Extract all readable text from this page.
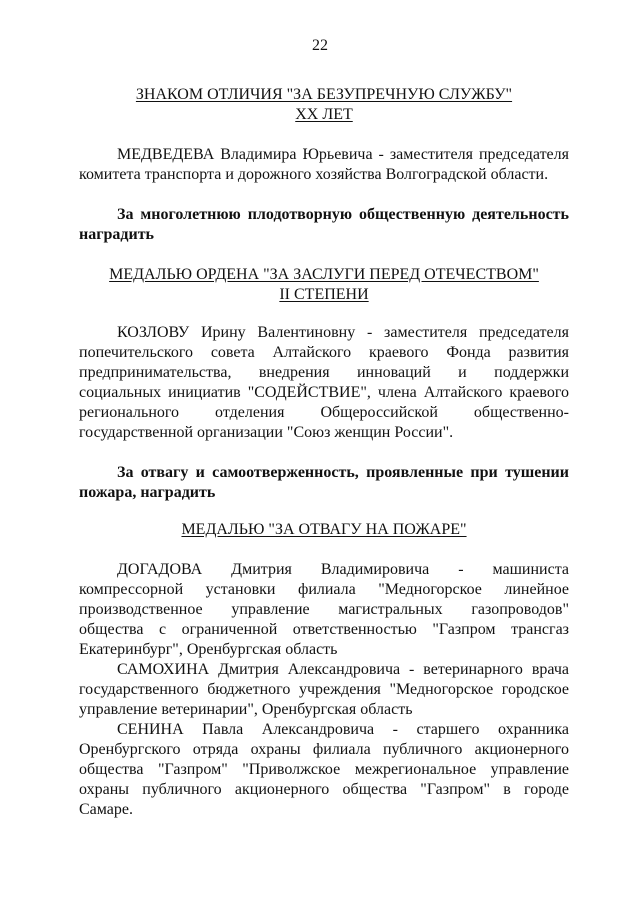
22
ЗНАКОМ ОТЛИЧИЯ "ЗА БЕЗУПРЕЧНУЮ СЛУЖБУ"
XX ЛЕТ
МЕДВЕДЕВА Владимира Юрьевича - заместителя председателя
комитета транспорта и дорожного хозяйства Волгоградской области.
За многолетнюю плодотворную общественную деятельность
наградить
МЕДАЛЬЮ ОРДЕНА "ЗА ЗАСЛУГИ ПЕРЕД ОТЕЧЕСТВОМ"
II СТЕПЕНИ
КОЗЛОВУ Ирину Валентиновну - заместителя председателя
попечительского совета Алтайского краевого Фонда развития
предпринимательства, внедрения инноваций и поддержки
социальных инициатив "СОДЕЙСТВИЕ", члена Алтайского краевого
регионального отделения Общероссийской общественно-
государственной организации "Союз женщин России".
За отвагу и самоотверженность, проявленные при тушении
пожара, наградить
МЕДАЛЬЮ "ЗА ОТВАГУ НА ПОЖАРЕ"
ДОГАДОВА Дмитрия Владимировича - машиниста
компрессорной установки филиала "Медногорское линейное
производственное управление магистральных газопроводов"
общества с ограниченной ответственностью "Газпром трансгаз
Екатеринбург", Оренбургская область
САМОХИНА Дмитрия Александровича - ветеринарного врача
государственного бюджетного учреждения "Медногорское городское
управление ветеринарии", Оренбургская область
СЕНИНА Павла Александровича - старшего охранника
Оренбургского отряда охраны филиала публичного акционерного
общества "Газпром" "Приволжское межрегиональное управление
охраны публичного акционерного общества "Газпром" в городе
Самаре.
